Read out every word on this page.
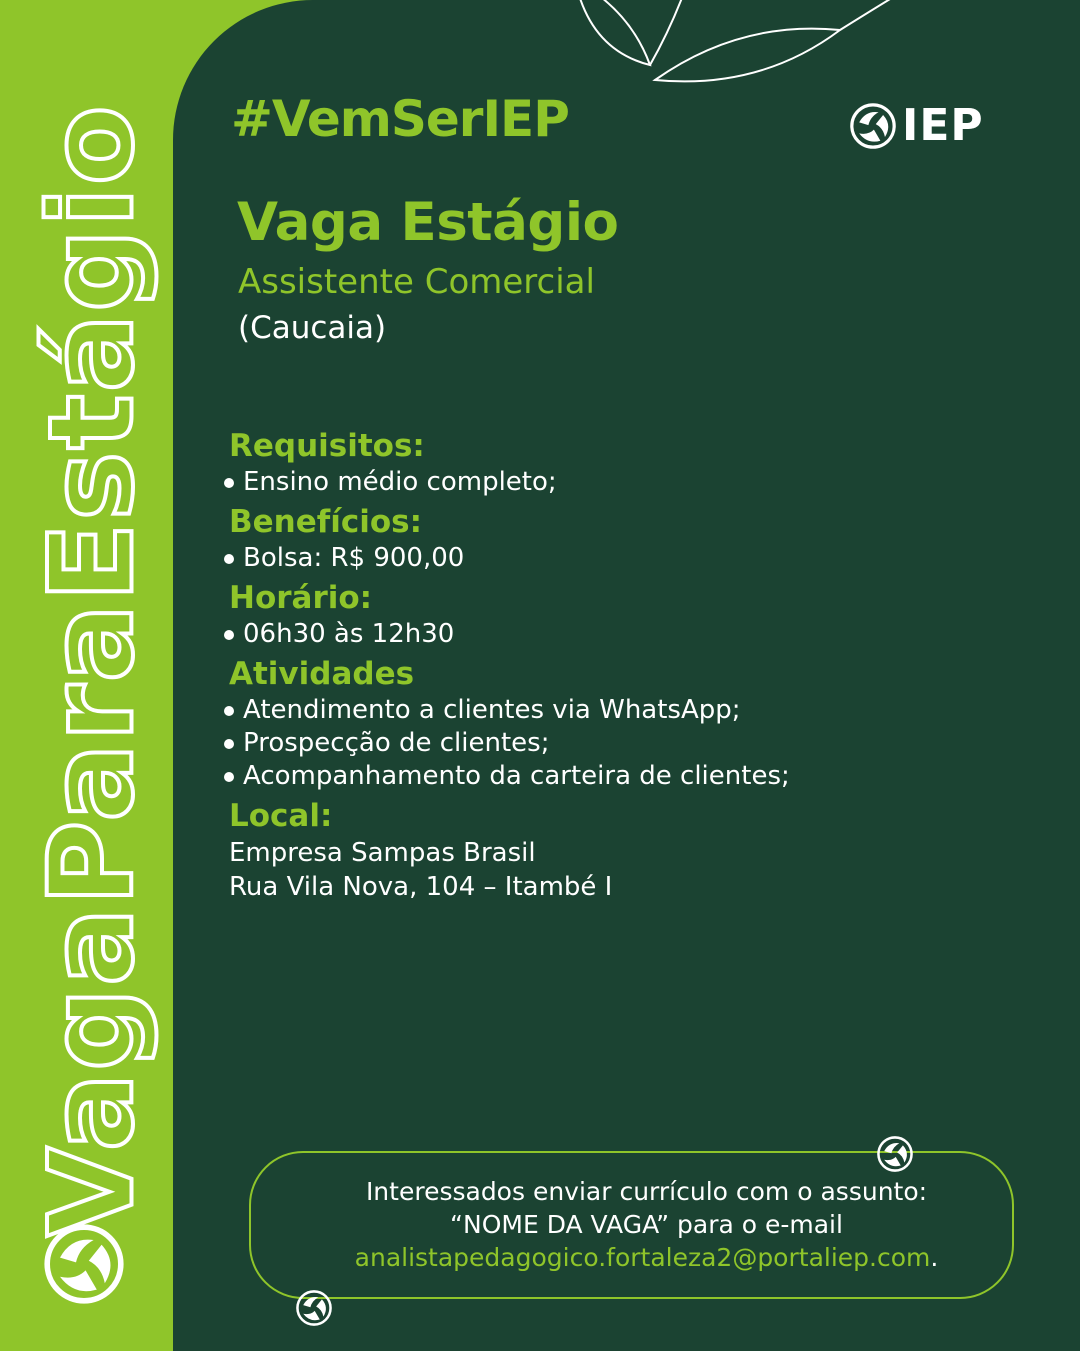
VagaParaEstágio #VemSerIEP	IEP
Vaga Estágio
Assistente Comercial
(Caucaia)
Requisitos:
Ensino médio completo;
Benefícios:
Bolsa: R$ 900,00
Horário:
06h30 às 12h30
Atividades
Atendimento a clientes via WhatsApp;
Prospecção de clientes;
Acompanhamento da carteira de clientes;
Local:
Empresa Sampas Brasil
Rua Vila Nova, 104 – Itambé I
Interessados enviar currículo com o assunto:
“NOME DA VAGA” para o e-mail
analistapedagogico.fortaleza2@portaliep.com.
